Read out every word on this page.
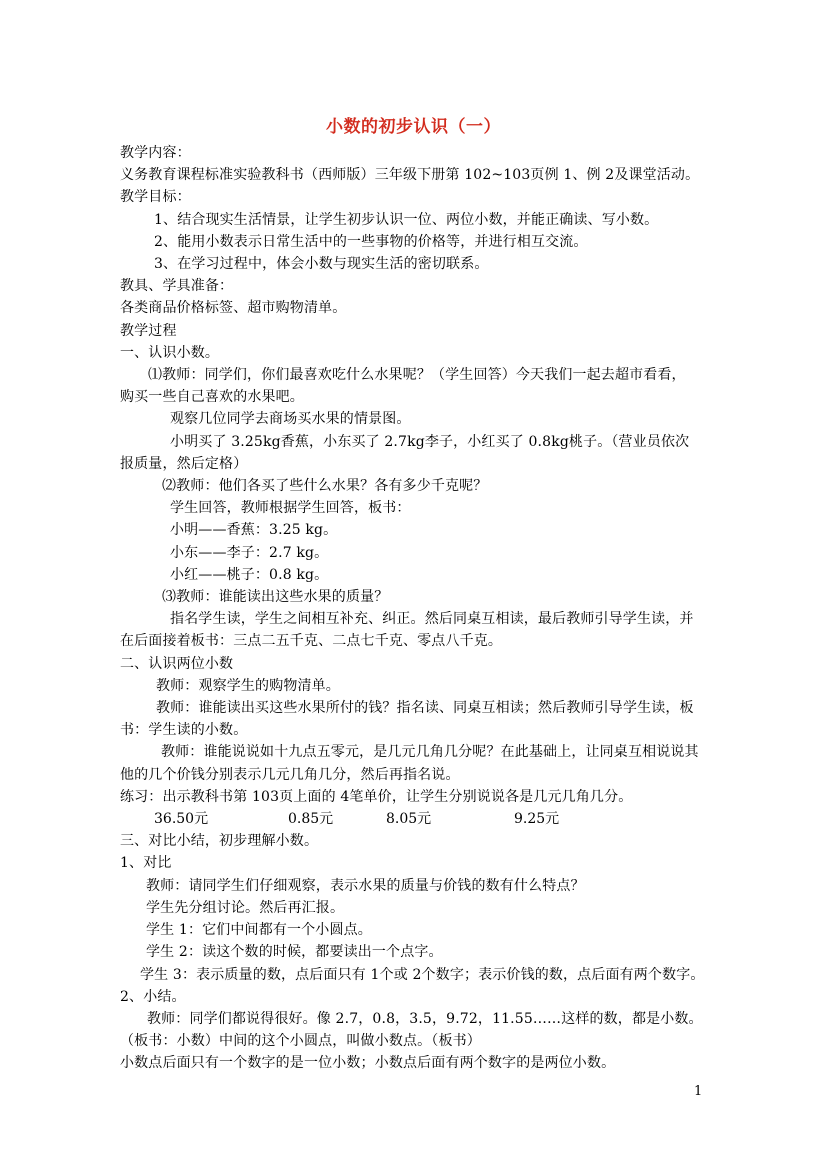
小数的初步认识（一）
教学内容：
义务教育课程标准实验教科书（西师版）三年级下册第 102~103页例 1、例 2及课堂活动。
教学目标：
1、结合现实生活情景，让学生初步认识一位、两位小数，并能正确读、写小数。
2、能用小数表示日常生活中的一些事物的价格等，并进行相互交流。
3、在学习过程中，体会小数与现实生活的密切联系。
教具、学具准备：
各类商品价格标签、超市购物清单。
教学过程
一、认识小数。
⑴教师：同学们，你们最喜欢吃什么水果呢？（学生回答）今天我们一起去超市看看，
购买一些自己喜欢的水果吧。
观察几位同学去商场买水果的情景图。
小明买了 3.25kg香蕉，小东买了 2.7kg李子，小红买了 0.8kg桃子。（营业员依次
报质量，然后定格）
⑵教师：他们各买了些什么水果？各有多少千克呢？
学生回答，教师根据学生回答，板书：
小明——香蕉：3.25 kg。
小东——李子：2.7 kg。
小红——桃子：0.8 kg。
⑶教师：谁能读出这些水果的质量？
指名学生读，学生之间相互补充、纠正。然后同桌互相读，最后教师引导学生读，并
在后面接着板书：三点二五千克、二点七千克、零点八千克。
二、认识两位小数
教师：观察学生的购物清单。
教师：谁能读出买这些水果所付的钱？指名读、同桌互相读；然后教师引导学生读，板
书：学生读的小数。
教师：谁能说说如十九点五零元，是几元几角几分呢？在此基础上，让同桌互相说说其
他的几个价钱分别表示几元几角几分，然后再指名说。
练习：出示教科书第 103页上面的 4笔单价，让学生分别说说各是几元几角几分。
36.50元	0.85元	8.05元	9.25元
三、对比小结，初步理解小数。
1、对比
教师：请同学生们仔细观察，表示水果的质量与价钱的数有什么特点？
学生先分组讨论。然后再汇报。
学生 1：它们中间都有一个小圆点。
学生 2：读这个数的时候，都要读出一个点字。
学生 3：表示质量的数，点后面只有 1个或 2个数字；表示价钱的数，点后面有两个数字。
2、小结。
教师：同学们都说得很好。像 2.7，0.8，3.5，9.72，11.55……这样的数，都是小数。
（板书：小数）中间的这个小圆点，叫做小数点。（板书）
小数点后面只有一个数字的是一位小数；小数点后面有两个数字的是两位小数。
1
